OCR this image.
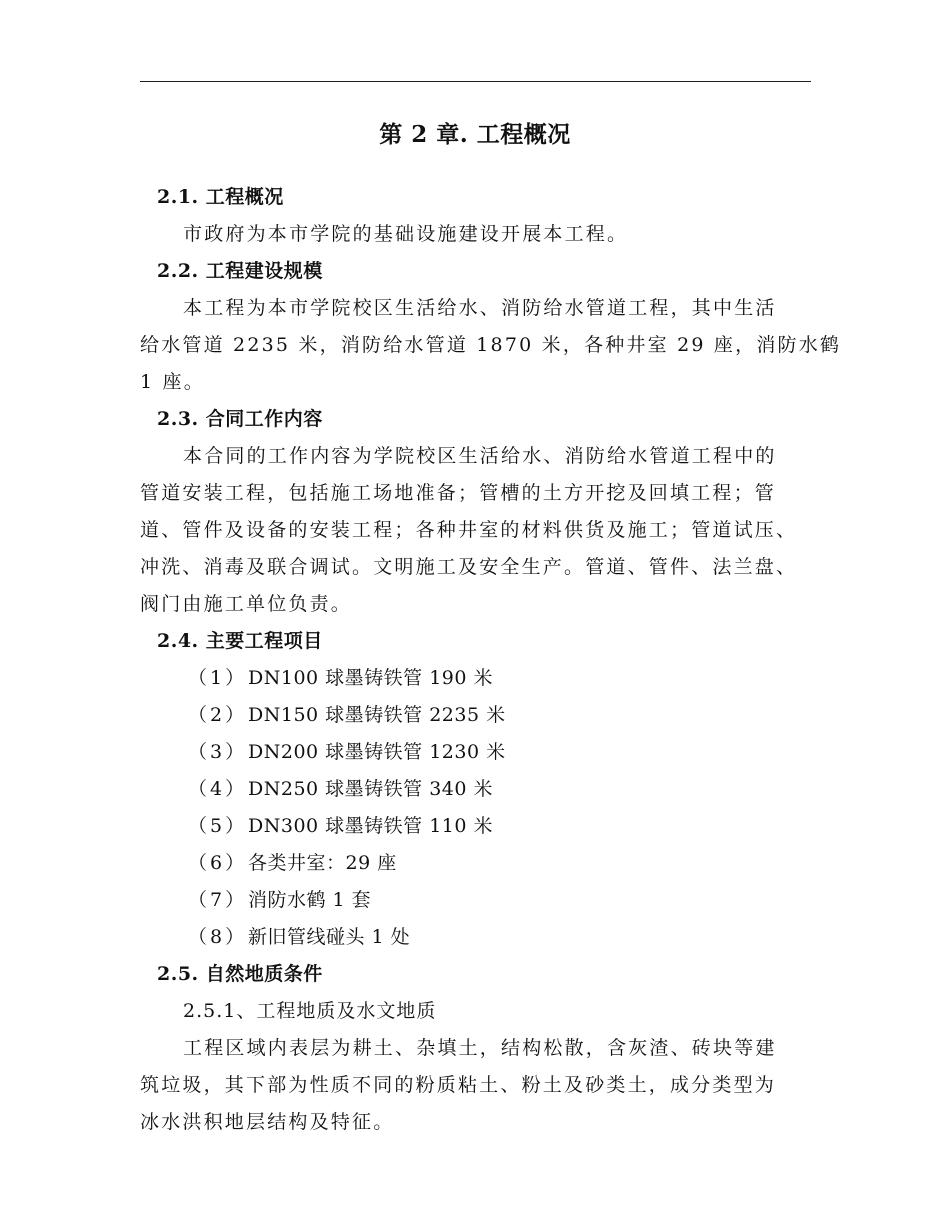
第 2 章. 工程概况
2.1. 工程概况
市政府为本市学院的基础设施建设开展本工程。
2.2. 工程建设规模
本工程为本市学院校区生活给水、消防给水管道工程，其中生活
给水管道 2235 米，消防给水管道 1870 米，各种井室 29 座，消防水鹤
1 座。
2.3. 合同工作内容
本合同的工作内容为学院校区生活给水、消防给水管道工程中的
管道安装工程，包括施工场地准备；管槽的土方开挖及回填工程；管
道、管件及设备的安装工程；各种井室的材料供货及施工；管道试压、
冲洗、消毒及联合调试。文明施工及安全生产。管道、管件、法兰盘、
阀门由施工单位负责。
2.4. 主要工程项目
（1）DN100 球墨铸铁管 190 米
（2）DN150 球墨铸铁管 2235 米
（3）DN200 球墨铸铁管 1230 米
（4）DN250 球墨铸铁管 340 米
（5）DN300 球墨铸铁管 110 米
（6）各类井室：29 座
（7）消防水鹤 1 套
（8）新旧管线碰头 1 处
2.5. 自然地质条件
2.5.1、工程地质及水文地质
工程区域内表层为耕土、杂填土，结构松散，含灰渣、砖块等建
筑垃圾，其下部为性质不同的粉质粘土、粉土及砂类土，成分类型为
冰水洪积地层结构及特征。
